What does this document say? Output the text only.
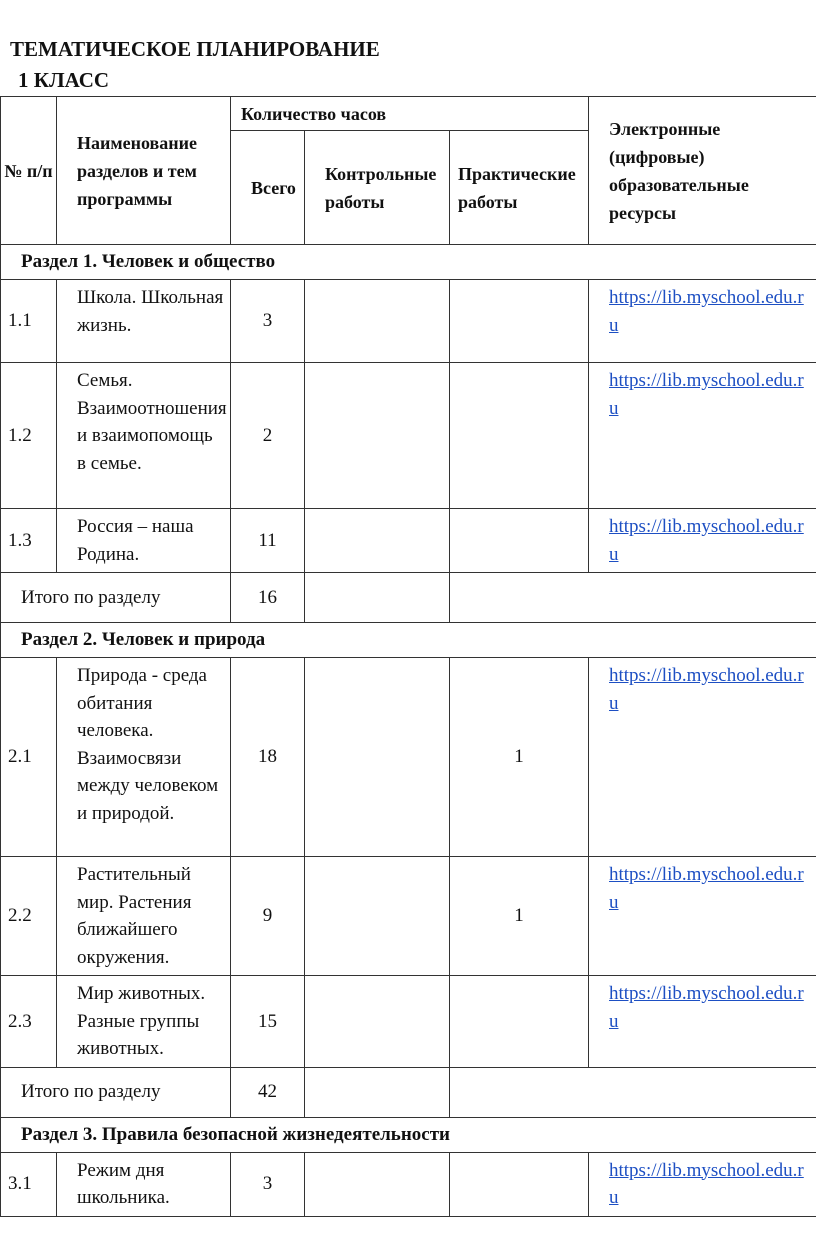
ТЕМАТИЧЕСКОЕ ПЛАНИРОВАНИЕ
1 КЛАСС
№ п/п	Наименование разделов и тем программы	Количество часов			Электронные (цифровые) образовательные ресурсы
		Всего	Контрольные работы	Практические работы	
Раздел 1. Человек и общество					
1.1	Школа. Школьная жизнь.	3			https://lib.myschool.edu.ru
1.2	Семья. Взаимоотношения и взаимопомощь в семье.	2			https://lib.myschool.edu.ru
1.3	Россия – наша Родина.	11			https://lib.myschool.edu.ru
Итого по разделу		16			
Раздел 2. Человек и природа					
2.1	Природа - среда обитания человека. Взаимосвязи между человеком и природой.	18		1	https://lib.myschool.edu.ru
2.2	Растительный мир. Растения ближайшего окружения.	9		1	https://lib.myschool.edu.ru
2.3	Мир животных. Разные группы животных.	15			https://lib.myschool.edu.ru
Итого по разделу		42			
Раздел 3. Правила безопасной жизнедеятельности					
3.1	Режим дня школьника.	3			https://lib.myschool.edu.ru
